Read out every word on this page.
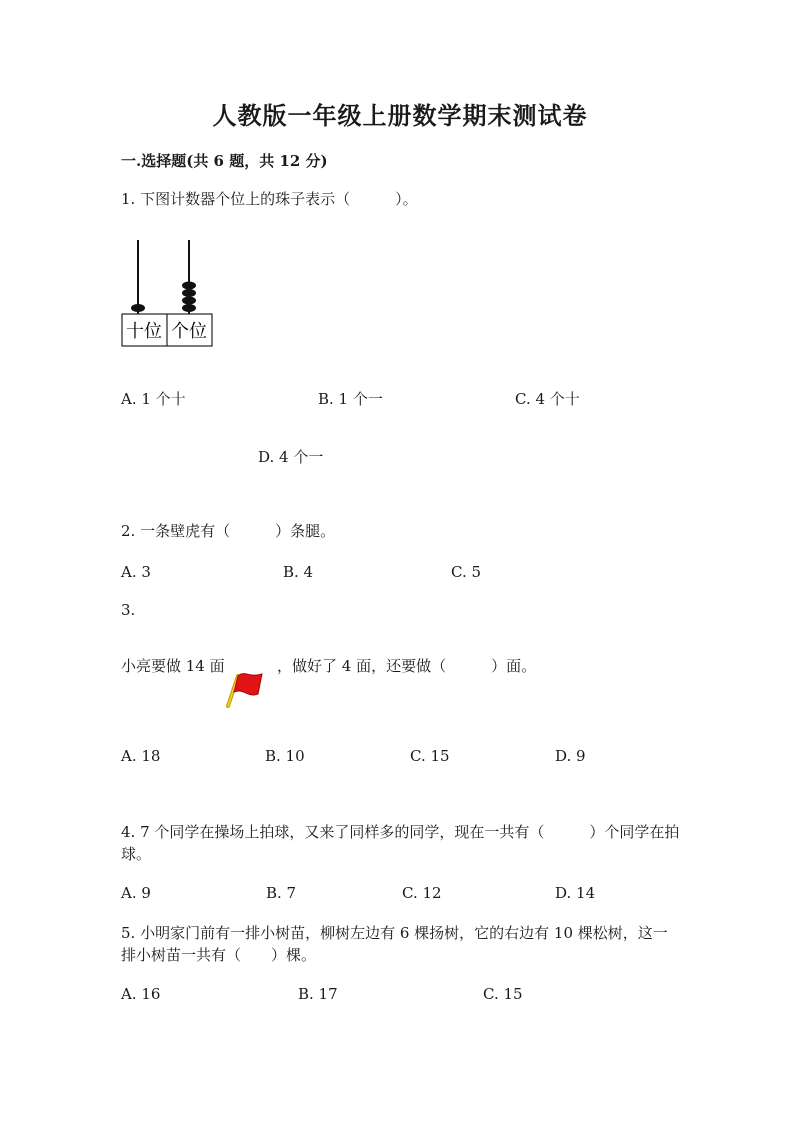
人教版一年级上册数学期末测试卷
一.选择题(共 6 题，共 12 分)
1. 下图计数器个位上的珠子表示（　　　）。
十位 个位
A. 1 个十	B. 1 个一	C. 4 个十
D. 4 个一
2. 一条壁虎有（　　　）条腿。
A. 3	B. 4	C. 5
3.
小亮要做 14 面	，做好了 4 面，还要做（　　　）面。
A. 18	B. 10	C. 15	D. 9
4. 7 个同学在操场上拍球，又来了同样多的同学，现在一共有（　　　）个同学在拍球。
A. 9	B. 7	C. 12	D. 14
5. 小明家门前有一排小树苗，柳树左边有 6 棵扬树，它的右边有 10 棵松树，这一排小树苗一共有（　　）棵。
A. 16	B. 17	C. 15
